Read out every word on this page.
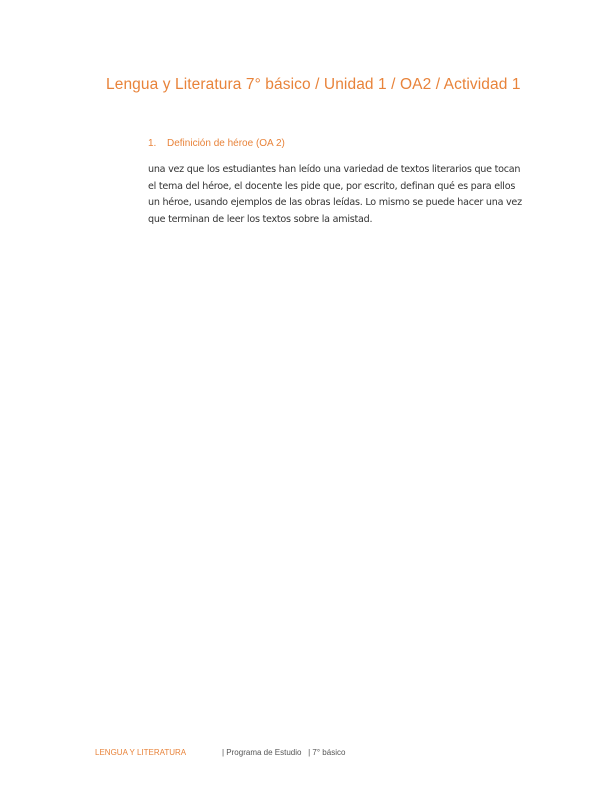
Lengua y Literatura 7° básico / Unidad 1 / OA2 / Actividad 1
1. Definición de héroe (OA 2)
una vez que los estudiantes han leído una variedad de textos literarios que tocan
el tema del héroe, el docente les pide que, por escrito, definan qué es para ellos
un héroe, usando ejemplos de las obras leídas. Lo mismo se puede hacer una vez
que terminan de leer los textos sobre la amistad.
LENGUA Y LITERATURA	| Programa de Estudio | 7° básico
